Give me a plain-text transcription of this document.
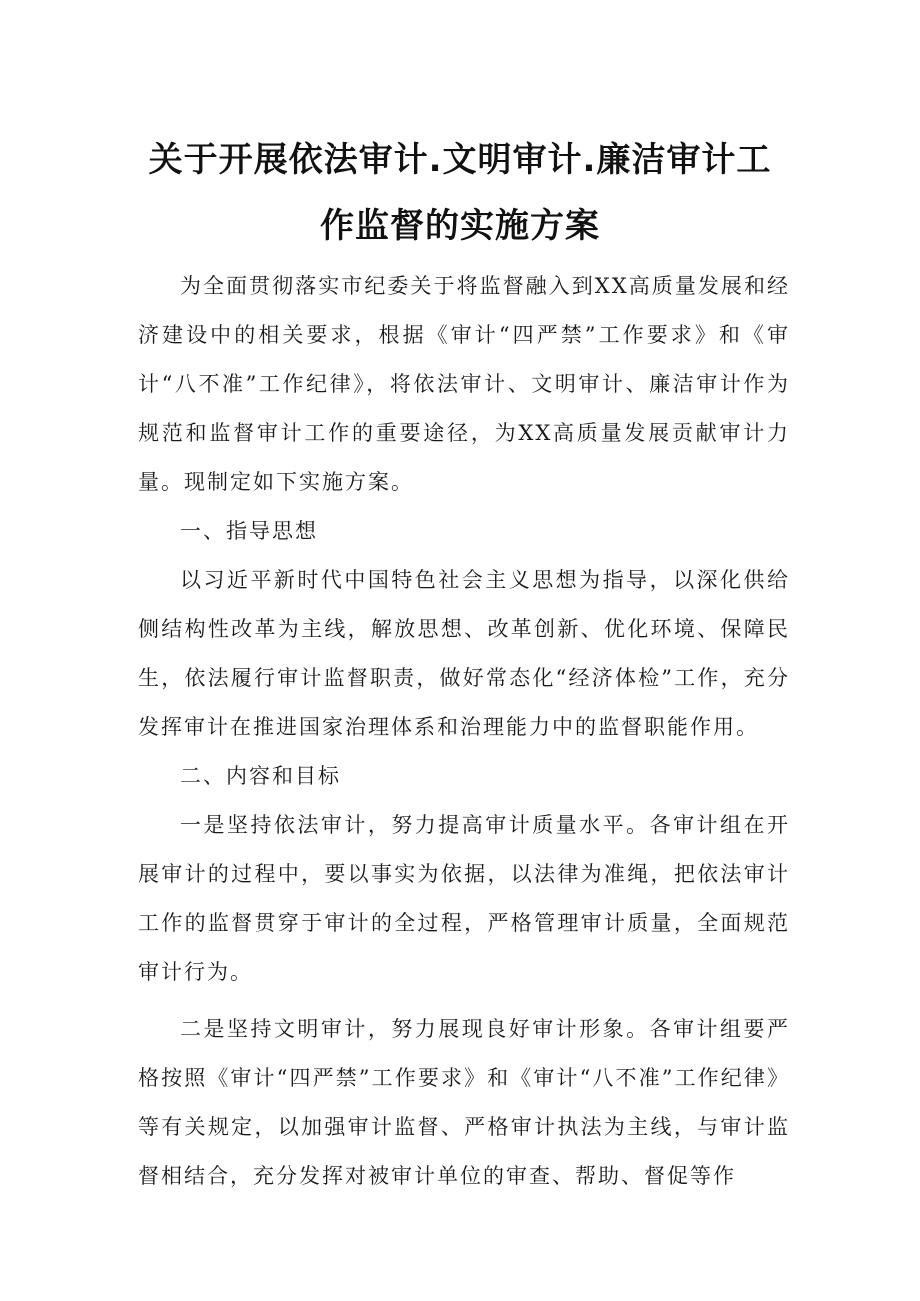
关于开展依法审计.文明审计.廉洁审计工
作监督的实施方案

为全面贯彻落实市纪委关于将监督融入到XX高质量发展和经济建设中的相关要求，根据《审计“四严禁”工作要求》和《审计“八不准”工作纪律》，将依法审计、文明审计、廉洁审计作为规范和监督审计工作的重要途径，为XX高质量发展贡献审计力量。现制定如下实施方案。

一、指导思想

以习近平新时代中国特色社会主义思想为指导，以深化供给侧结构性改革为主线，解放思想、改革创新、优化环境、保障民生，依法履行审计监督职责，做好常态化“经济体检”工作，充分发挥审计在推进国家治理体系和治理能力中的监督职能作用。

二、内容和目标

一是坚持依法审计，努力提高审计质量水平。各审计组在开展审计的过程中，要以事实为依据，以法律为准绳，把依法审计工作的监督贯穿于审计的全过程，严格管理审计质量，全面规范审计行为。

二是坚持文明审计，努力展现良好审计形象。各审计组要严格按照《审计“四严禁”工作要求》和《审计“八不准”工作纪律》等有关规定，以加强审计监督、严格审计执法为主线，与审计监督相结合，充分发挥对被审计单位的审查、帮助、督促等作
